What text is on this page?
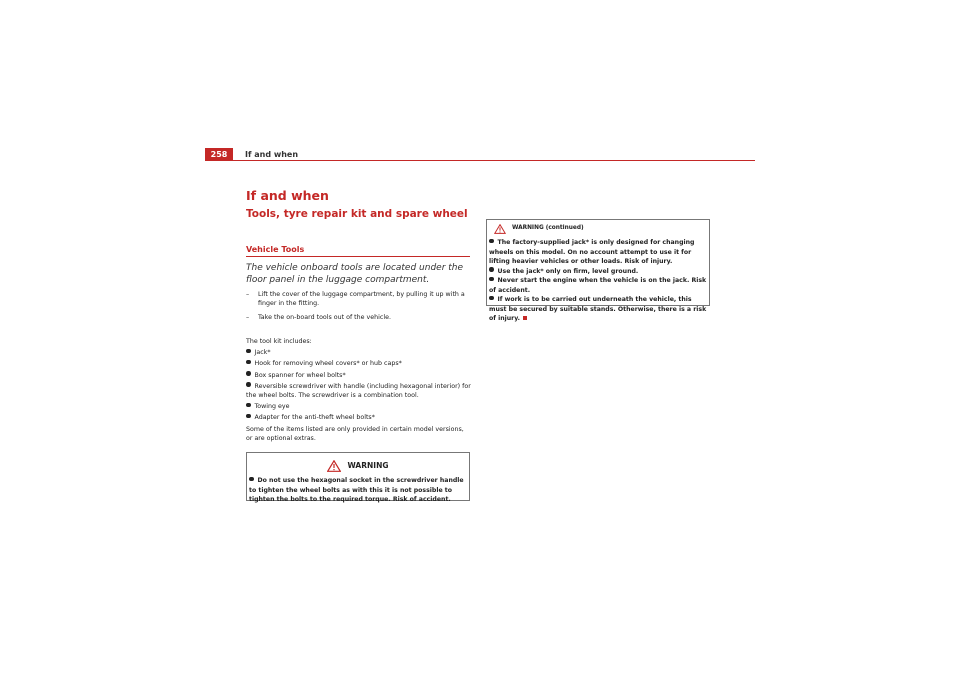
258	If and when
If and when
Tools, tyre repair kit and spare wheel
Vehicle Tools
The vehicle onboard tools are located under the floor panel in the luggage compartment.
– Lift the cover of the luggage compartment, by pulling it up with a finger in the fitting.
– Take the on-board tools out of the vehicle.

The tool kit includes:

Jack*
Hook for removing wheel covers* or hub caps*
Box spanner for wheel bolts*
Reversible screwdriver with handle (including hexagonal interior) for the wheel bolts. The screwdriver is a combination tool.
Towing eye
Adapter for the anti-theft wheel bolts*

Some of the items listed are only provided in certain model versions, or are optional extras.

WARNING

Do not use the hexagonal socket in the screwdriver handle to tighten the wheel bolts as with this it is not possible to tighten the bolts to the required torque. Risk of accident.

WARNING (continued)

The factory-supplied jack* is only designed for changing wheels on this model. On no account attempt to use it for lifting heavier vehicles or other loads. Risk of injury.

Use the jack* only on firm, level ground.

Never start the engine when the vehicle is on the jack. Risk of accident.

If work is to be carried out underneath the vehicle, this must be secured by suitable stands. Otherwise, there is a risk of injury.
